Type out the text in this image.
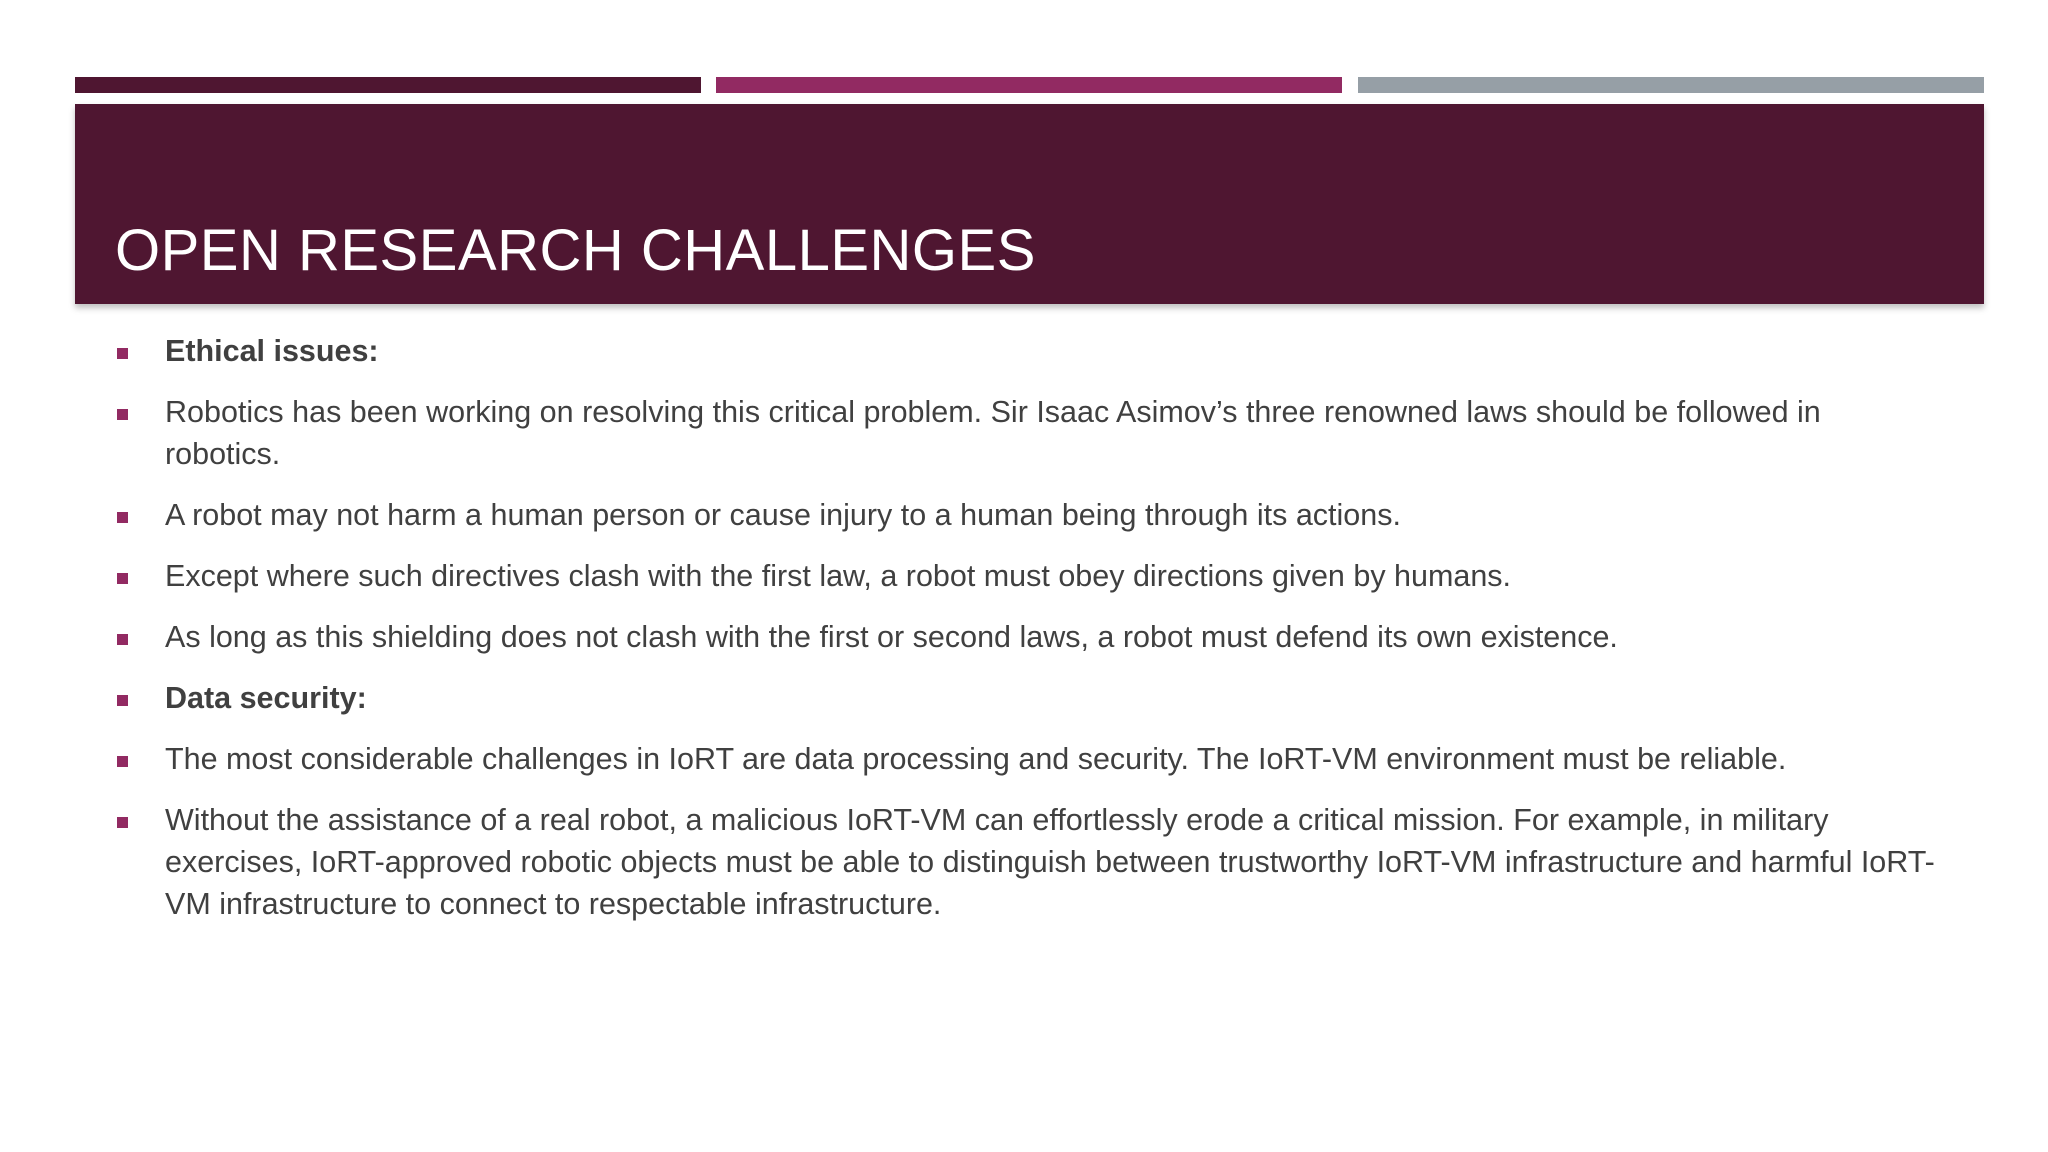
OPEN RESEARCH CHALLENGES
Ethical issues:
Robotics has been working on resolving this critical problem. Sir Isaac Asimov’s three renowned laws should be followed in robotics.
A robot may not harm a human person or cause injury to a human being through its actions.
Except where such directives clash with the first law, a robot must obey directions given by humans.
As long as this shielding does not clash with the first or second laws, a robot must defend its own existence.
Data security:
The most considerable challenges in IoRT are data processing and security. The IoRT-VM environment must be reliable.
Without the assistance of a real robot, a malicious IoRT-VM can effortlessly erode a critical mission. For example, in military exercises, IoRT-approved robotic objects must be able to distinguish between trustworthy IoRT-VM infrastructure and harmful IoRT-VM infrastructure to connect to respectable infrastructure.
